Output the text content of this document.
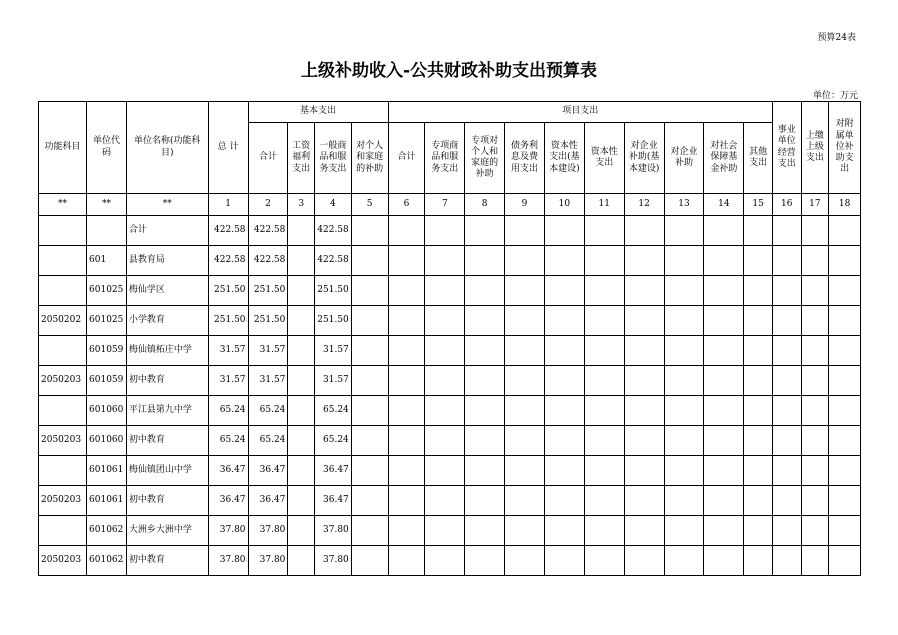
预算24表
上级补助收入-公共财政补助支出预算表
单位：万元
功能科目	单位代码	单位名称(功能科目)	总 计	基本支出				项目支出										事业单位经营支出	上缴上级支出	对附属单位补助支出
				合计	工资福利支出	一般商品和服务支出	对个人和家庭的补助	合计	专项商品和服务支出	专项对个人和家庭的补助	债务利息及费用支出	资本性支出(基本建设)	资本性支出	对企业补助(基本建设)	对企业补助	对社会保障基金补助	其他支出			
**	**	**	1	2	3	4	5	6	7	8	9	10	11	12	13	14	15	16	17	18
		合计	422.58	422.58		422.58														
	601	县教育局	422.58	422.58		422.58														
	601025	梅仙学区	251.50	251.50		251.50														
2050202	601025	小学教育	251.50	251.50		251.50														
	601059	梅仙镇柘庄中学	31.57	31.57		31.57														
2050203	601059	初中教育	31.57	31.57		31.57														
	601060	平江县第九中学	65.24	65.24		65.24														
2050203	601060	初中教育	65.24	65.24		65.24														
	601061	梅仙镇团山中学	36.47	36.47		36.47														
2050203	601061	初中教育	36.47	36.47		36.47														
	601062	大洲乡大洲中学	37.80	37.80		37.80														
2050203	601062	初中教育	37.80	37.80		37.80														
